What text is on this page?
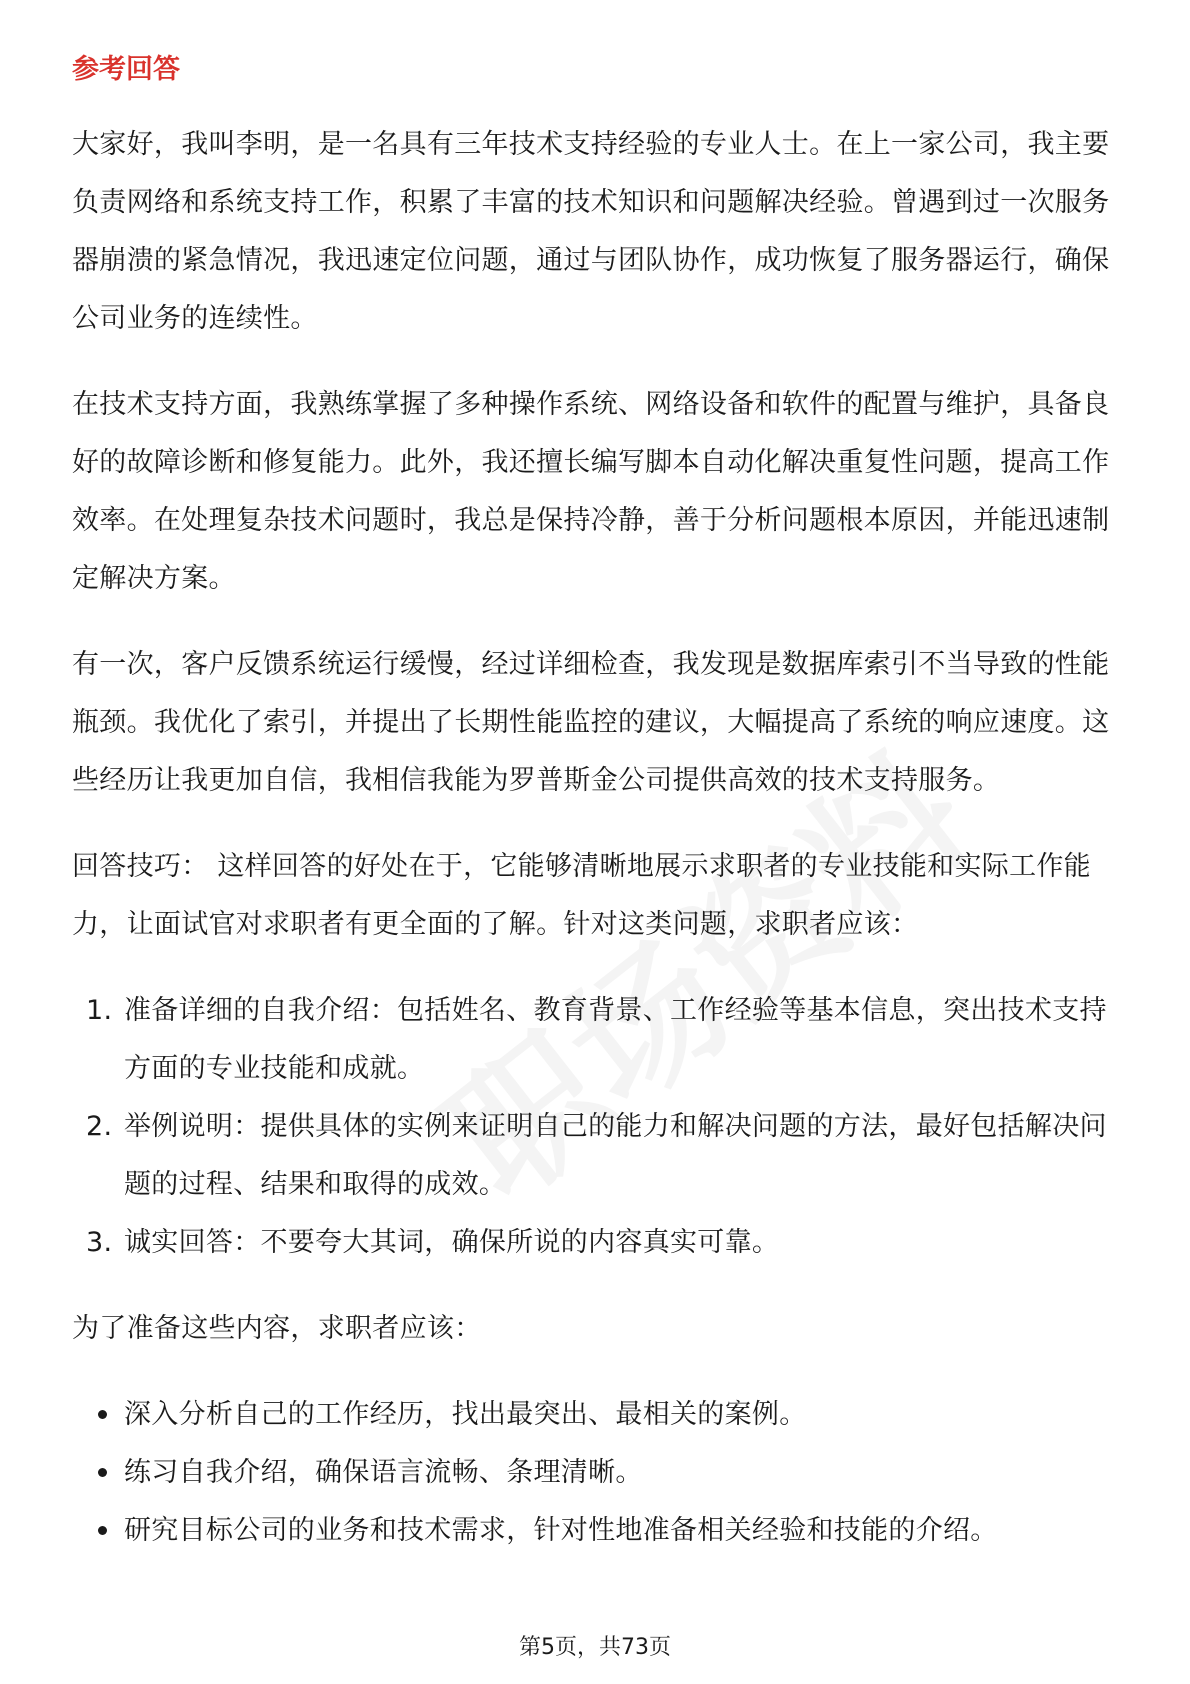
参考回答

大家好，我叫李明，是一名具有三年技术支持经验的专业人士。在上一家公司，我主要负责网络和系统支持工作，积累了丰富的技术知识和问题解决经验。曾遇到过一次服务器崩溃的紧急情况，我迅速定位问题，通过与团队协作，成功恢复了服务器运行，确保公司业务的连续性。

在技术支持方面，我熟练掌握了多种操作系统、网络设备和软件的配置与维护，具备良好的故障诊断和修复能力。此外，我还擅长编写脚本自动化解决重复性问题，提高工作效率。在处理复杂技术问题时，我总是保持冷静，善于分析问题根本原因，并能迅速制定解决方案。

有一次，客户反馈系统运行缓慢，经过详细检查，我发现是数据库索引不当导致的性能瓶颈。我优化了索引，并提出了长期性能监控的建议，大幅提高了系统的响应速度。这些经历让我更加自信，我相信我能为罗普斯金公司提供高效的技术支持服务。

回答技巧： 这样回答的好处在于，它能够清晰地展示求职者的专业技能和实际工作能力，让面试官对求职者有更全面的了解。针对这类问题，求职者应该：

1. 准备详细的自我介绍：包括姓名、教育背景、工作经验等基本信息，突出技术支持方面的专业技能和成就。
2. 举例说明：提供具体的实例来证明自己的能力和解决问题的方法，最好包括解决问题的过程、结果和取得的成效。
3. 诚实回答：不要夸大其词，确保所说的内容真实可靠。

为了准备这些内容，求职者应该：

深入分析自己的工作经历，找出最突出、最相关的案例。
练习自我介绍，确保语言流畅、条理清晰。
研究目标公司的业务和技术需求，针对性地准备相关经验和技能的介绍。
第5页，共73页
